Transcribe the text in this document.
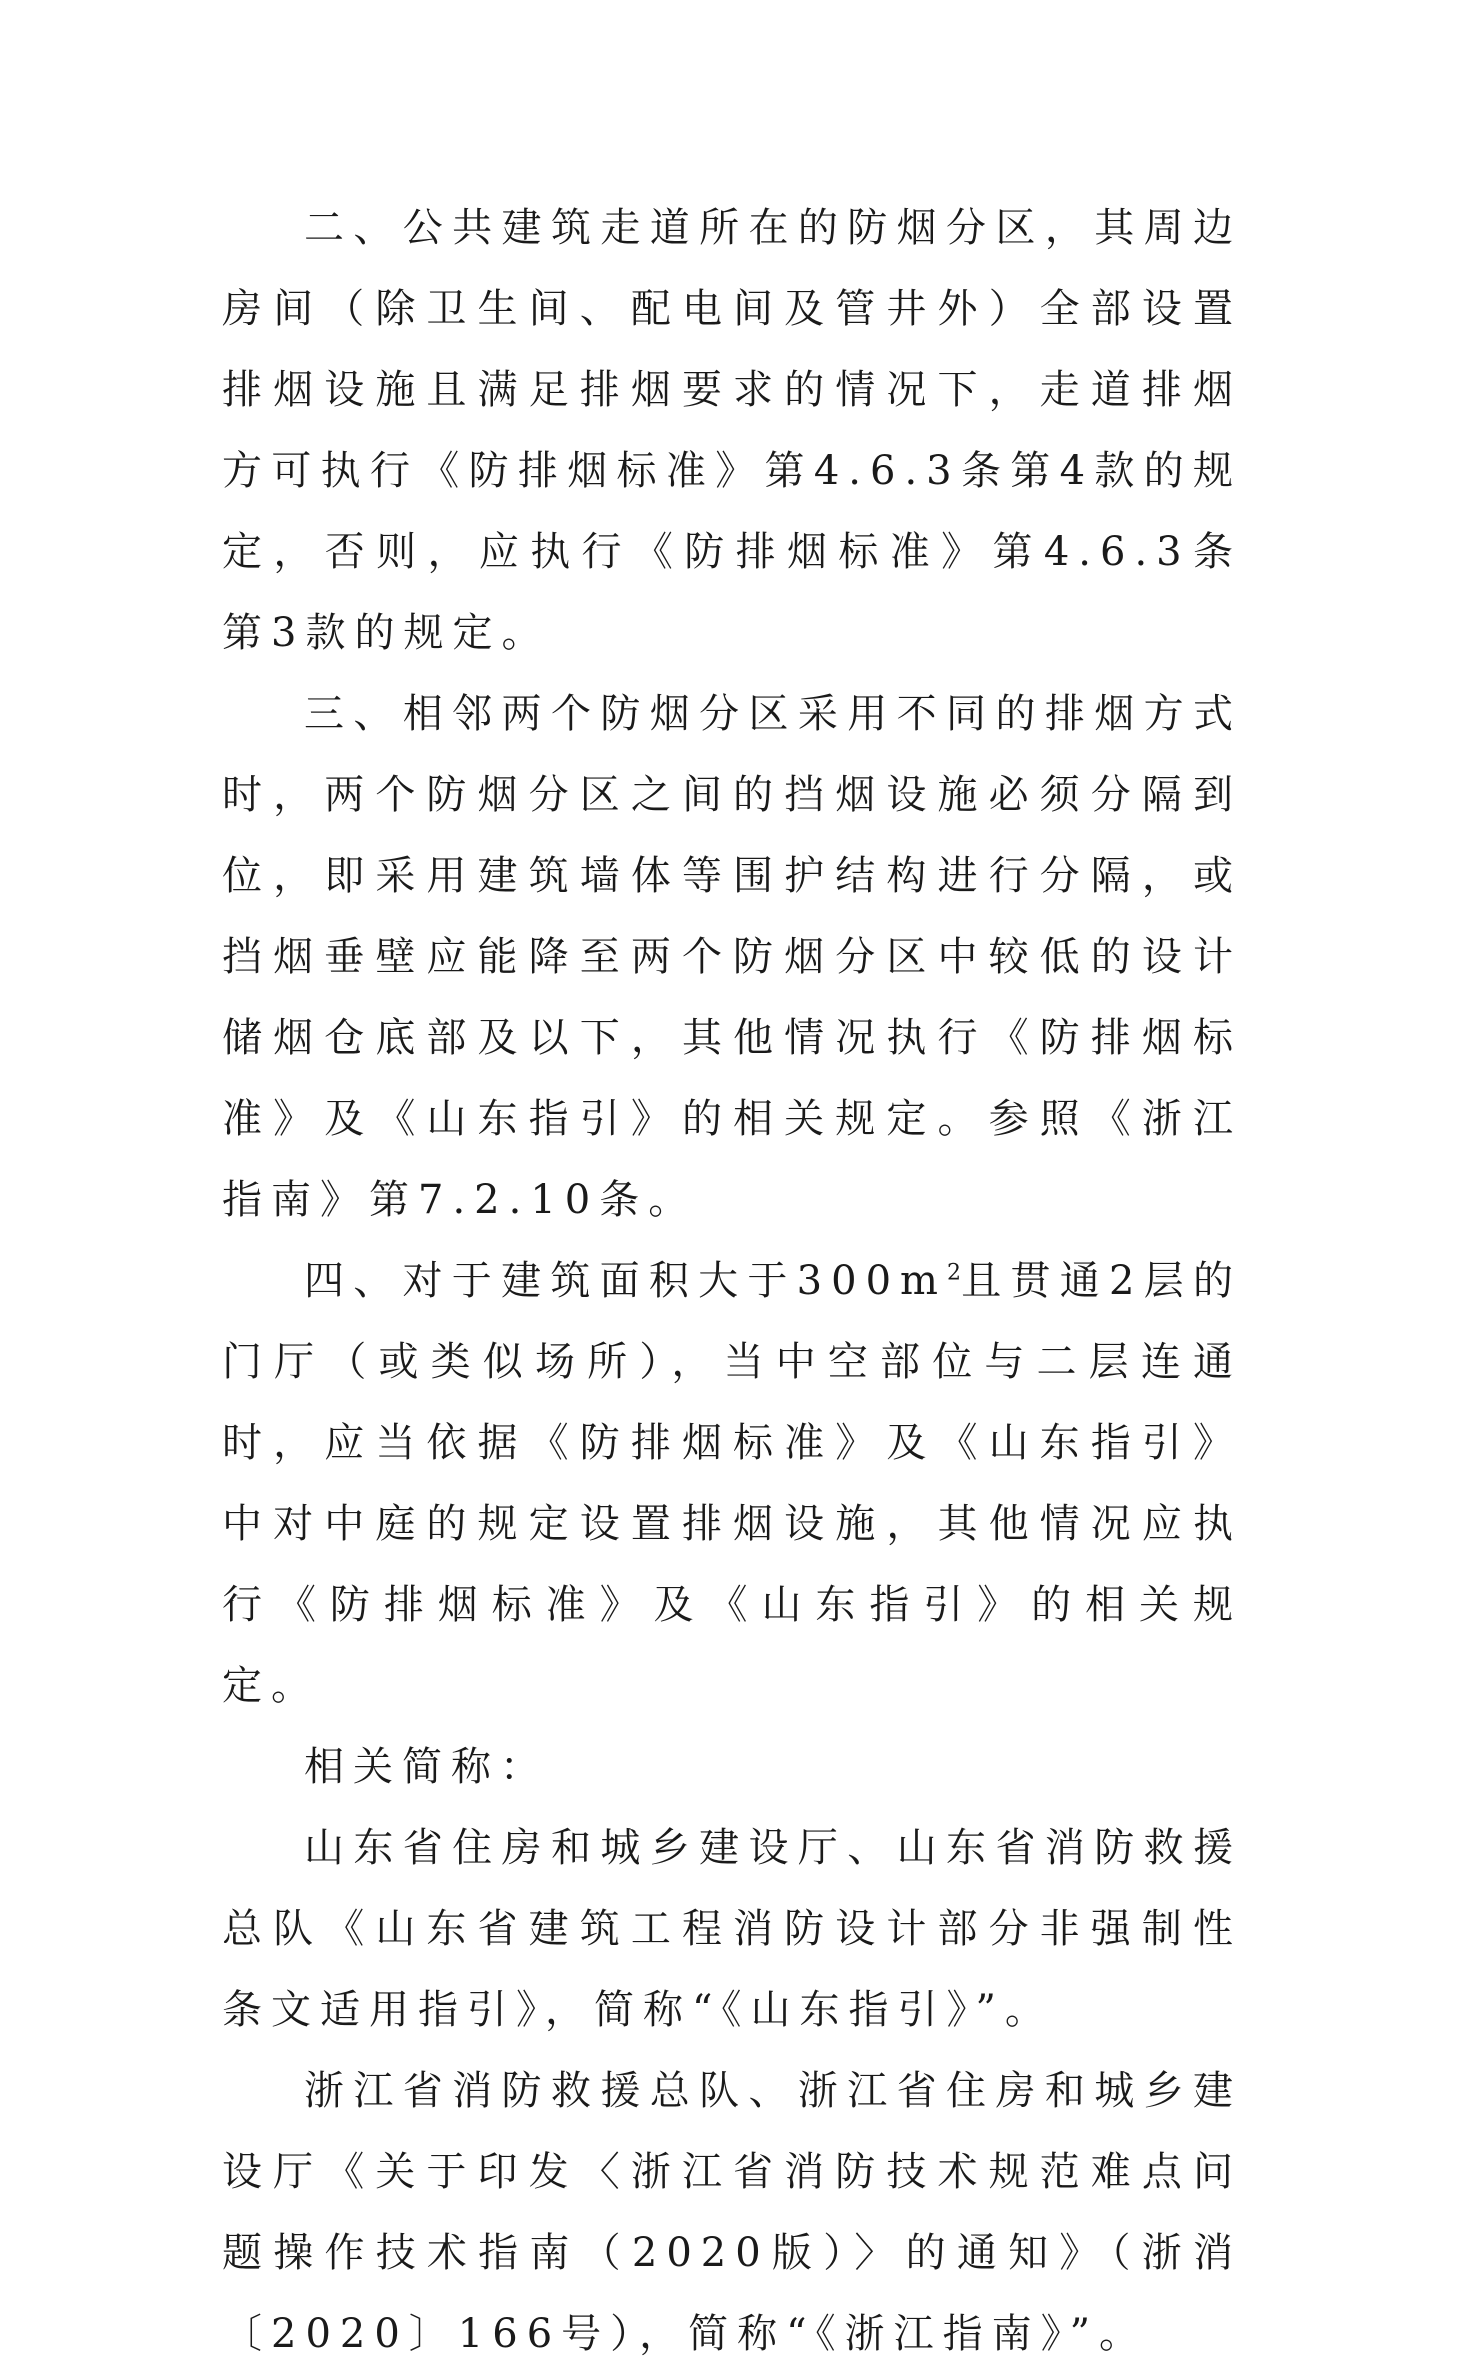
二、公共建筑走道所在的防烟分区，其周边房间（除卫生间、配电间及管井外）全部设置排烟设施且满足排烟要求的情况下，走道排烟方可执行《防排烟标准》第4.6.3条第4款的规定，否则，应执行《防排烟标准》第4.6.3条第3款的规定。

三、相邻两个防烟分区采用不同的排烟方式时，两个防烟分区之间的挡烟设施必须分隔到位，即采用建筑墙体等围护结构进行分隔，或挡烟垂壁应能降至两个防烟分区中较低的设计储烟仓底部及以下，其他情况执行《防排烟标准》及《山东指引》的相关规定。参照《浙江指南》第7.2.10条。

四、对于建筑面积大于$300m^2$且贯通2层的门厅（或类似场所），当中空部位与二层连通时，应当依据《防排烟标准》及《山东指引》中对中庭的规定设置排烟设施，其他情况应执行《防排烟标准》及《山东指引》的相关规定。

相关简称：

山东省住房和城乡建设厅、山东省消防救援总队《山东省建筑工程消防设计部分非强制性条文适用指引》，简称“《山东指引》”。

浙江省消防救援总队、浙江省住房和城乡建设厅《关于印发〈浙江省消防技术规范难点问题操作技术指南（2020版）〉的通知》（浙消〔2020〕166号），简称“《浙江指南》”。
